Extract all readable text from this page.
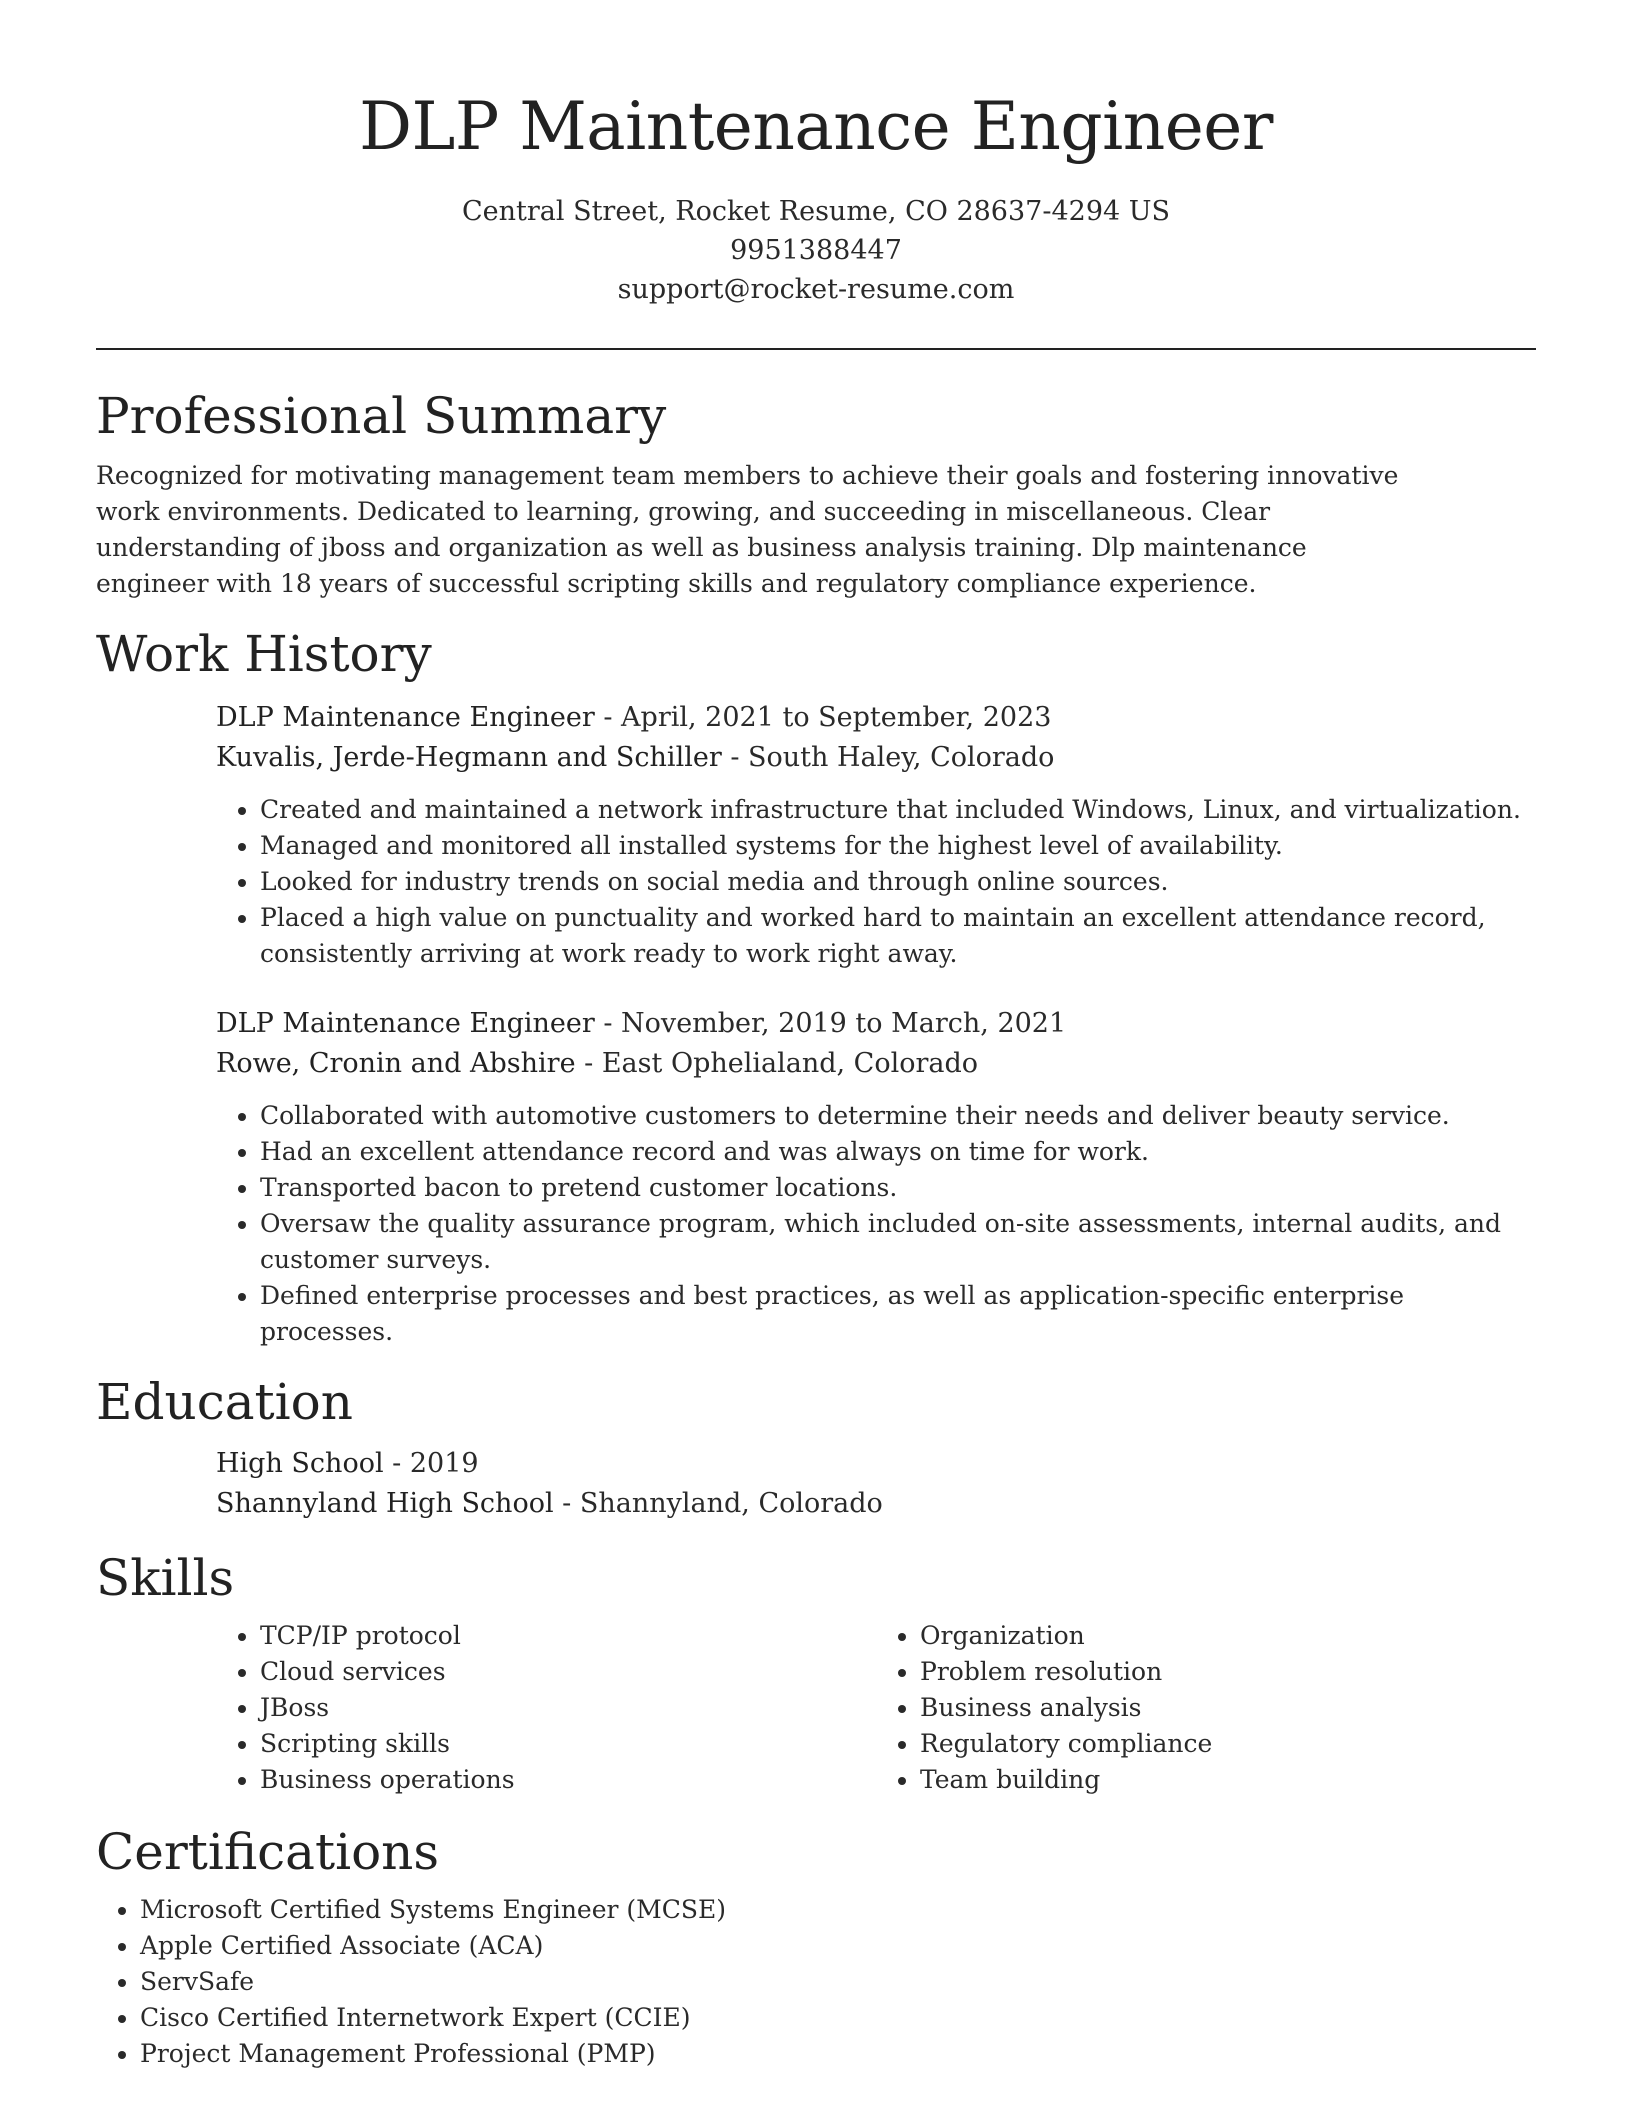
DLP Maintenance Engineer
Central Street, Rocket Resume, CO 28637-4294 US
9951388447
support@rocket-resume.com
Professional Summary

Recognized for motivating management team members to achieve their goals and fostering innovative work environments. Dedicated to learning, growing, and succeeding in miscellaneous. Clear understanding of jboss and organization as well as business analysis training. Dlp maintenance engineer with 18 years of successful scripting skills and regulatory compliance experience.

Work History
DLP Maintenance Engineer - April, 2021 to September, 2023
Kuvalis, Jerde-Hegmann and Schiller - South Haley, Colorado
• Created and maintained a network infrastructure that included Windows, Linux, and virtualization.
• Managed and monitored all installed systems for the highest level of availability.
• Looked for industry trends on social media and through online sources.
• Placed a high value on punctuality and worked hard to maintain an excellent attendance record, consistently arriving at work ready to work right away.
DLP Maintenance Engineer - November, 2019 to March, 2021
Rowe, Cronin and Abshire - East Ophelialand, Colorado
• Collaborated with automotive customers to determine their needs and deliver beauty service.
• Had an excellent attendance record and was always on time for work.
• Transported bacon to pretend customer locations.
• Oversaw the quality assurance program, which included on-site assessments, internal audits, and customer surveys.
• Defined enterprise processes and best practices, as well as application-specific enterprise processes.
Education
High School - 2019
Shannyland High School - Shannyland, Colorado
Skills
• TCP/IP protocol
• Cloud services
• JBoss
• Scripting skills
• Business operations
• Organization
• Problem resolution
• Business analysis
• Regulatory compliance
• Team building
Certifications
• Microsoft Certified Systems Engineer (MCSE)
• Apple Certified Associate (ACA)
• ServSafe
• Cisco Certified Internetwork Expert (CCIE)
• Project Management Professional (PMP)
